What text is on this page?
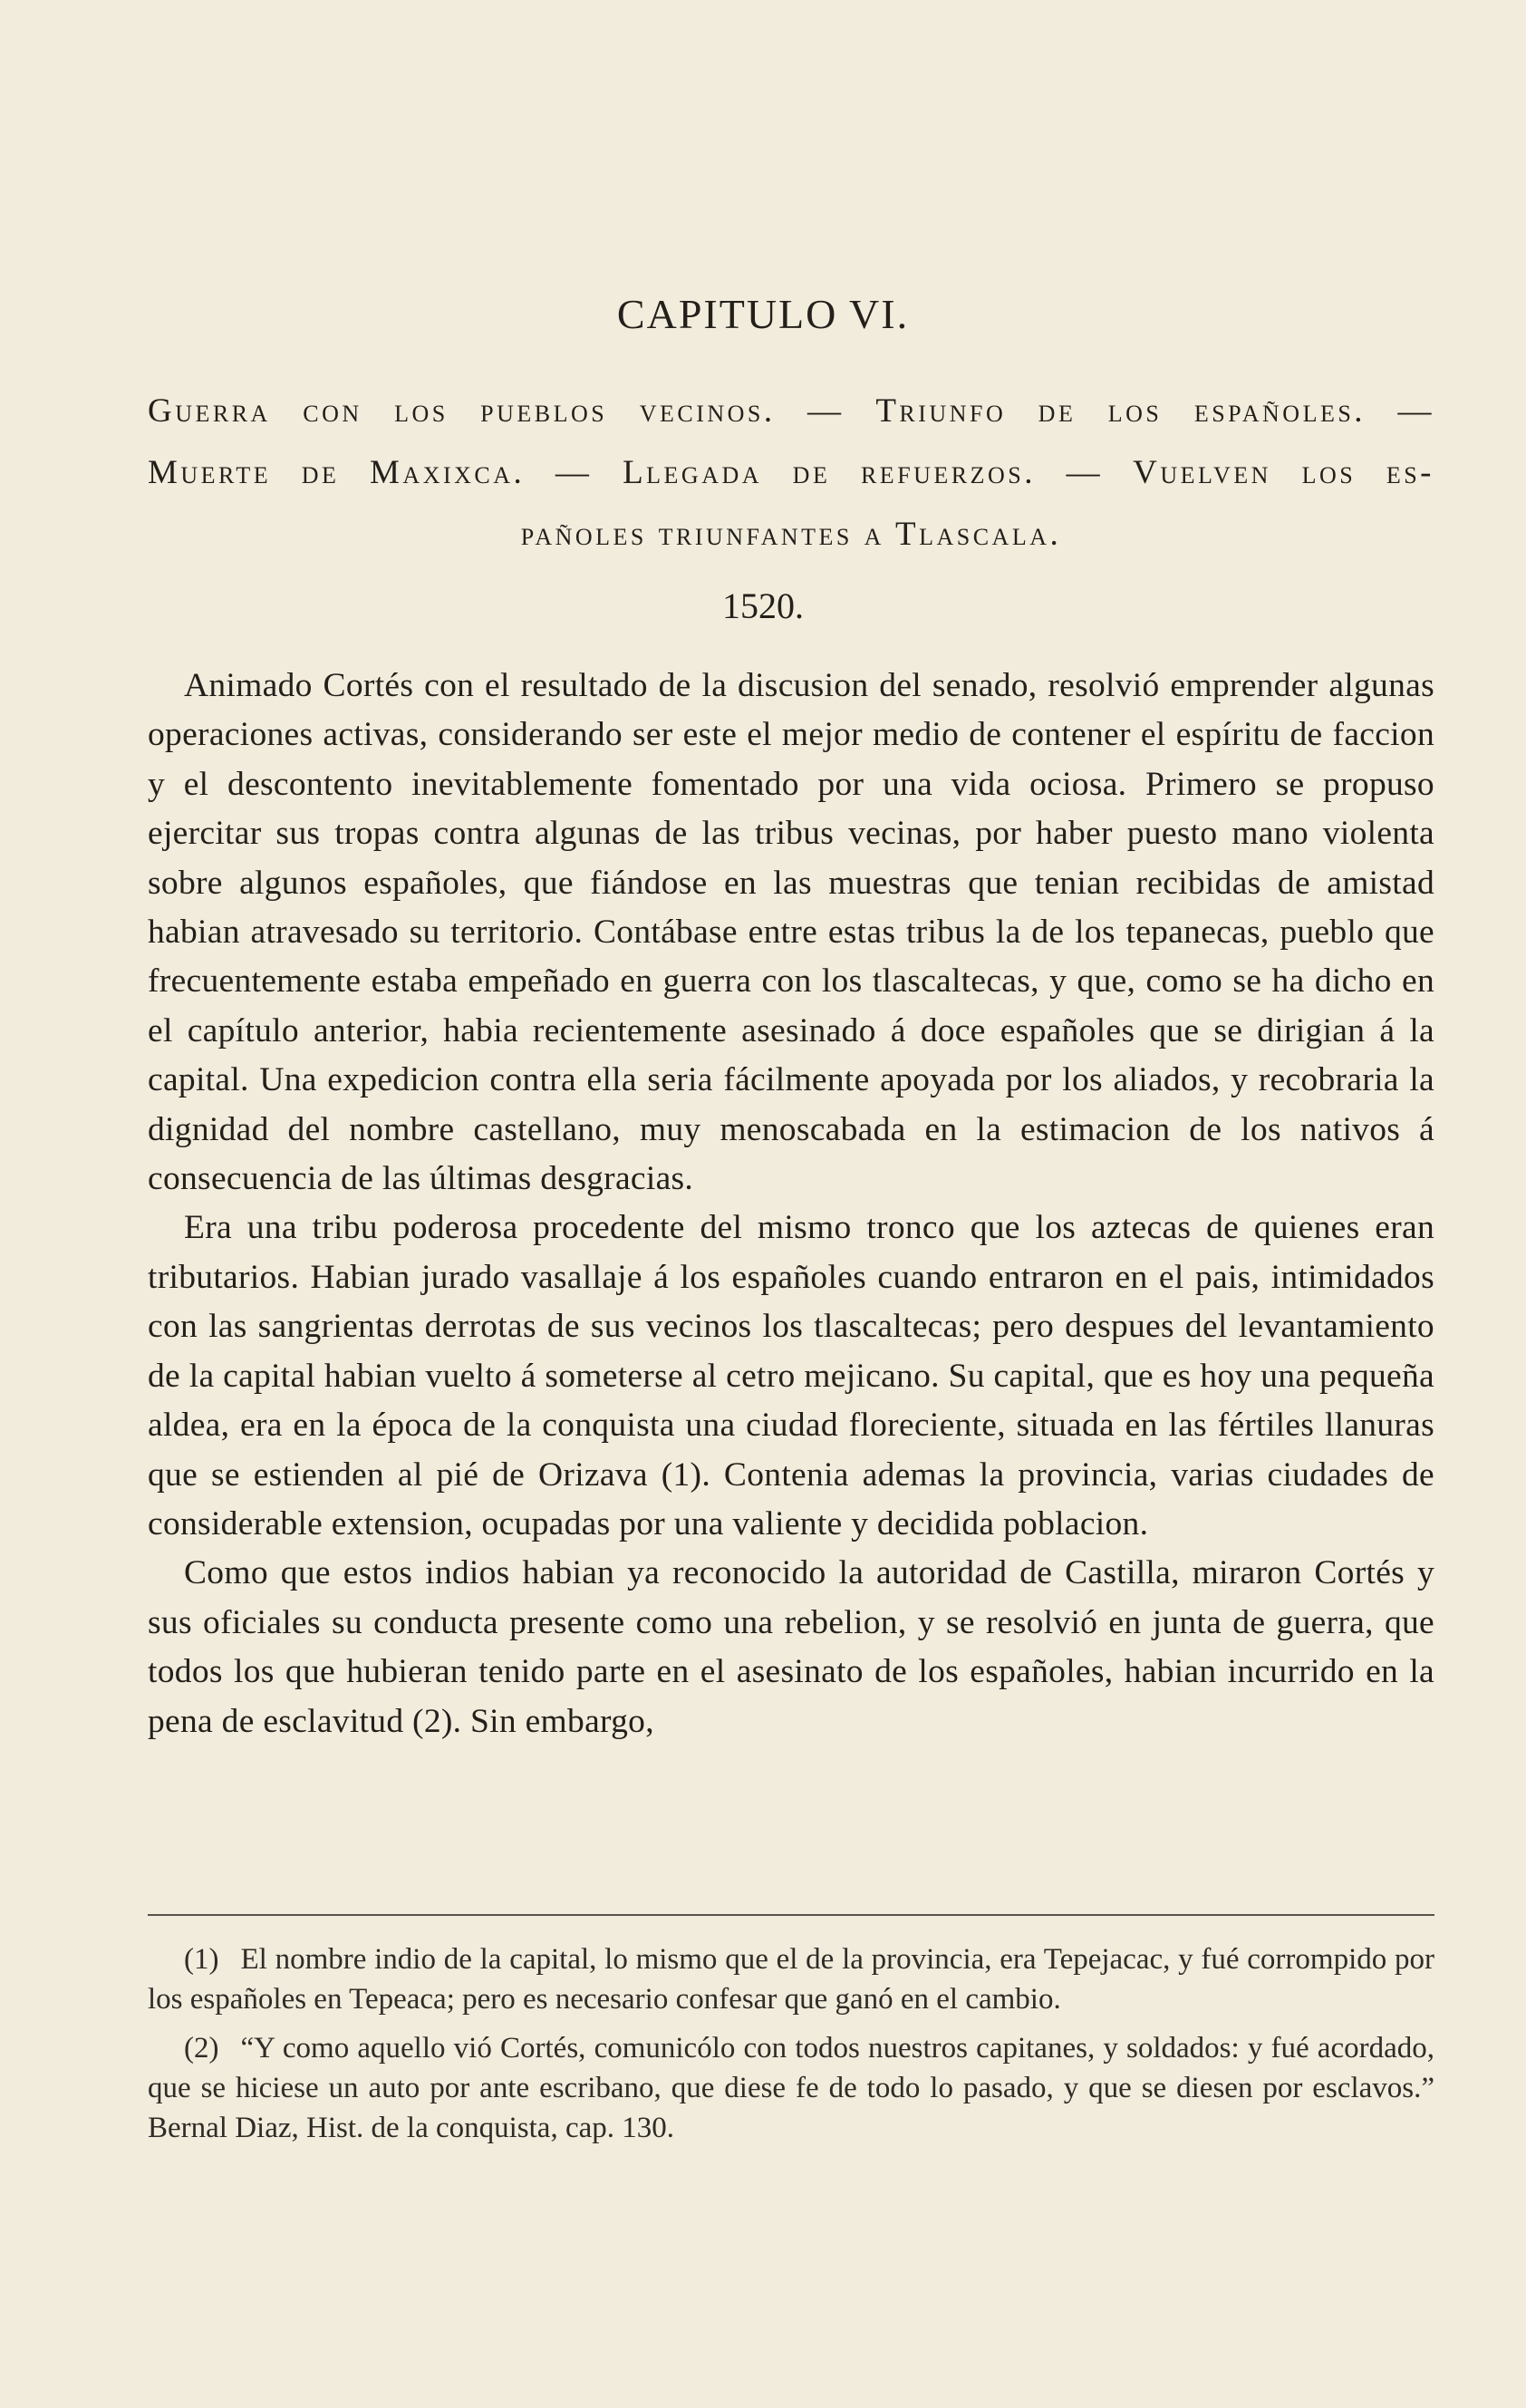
CAPITULO VI.
Guerra con los pueblos vecinos. — Triunfo de los españoles. —
Muerte de Maxixca. — Llegada de refuerzos. — Vuelven los es-
pañoles triunfantes a Tlascala.
1520.

Animado Cortés con el resultado de la discusion del senado, resolvió emprender algunas operaciones activas, considerando ser este el mejor medio de contener el espíritu de faccion y el descontento inevitablemente fomentado por una vida ociosa. Primero se propuso ejercitar sus tropas contra algunas de las tribus vecinas, por haber puesto mano violenta sobre algunos españoles, que fiándose en las muestras que tenian recibidas de amistad habian atravesado su territorio. Contábase entre estas tribus la de los tepanecas, pueblo que frecuentemente estaba empeñado en guerra con los tlascaltecas, y que, como se ha dicho en el capítulo anterior, habia recientemente asesinado á doce españoles que se dirigian á la capital. Una expedicion contra ella seria fácilmente apoyada por los aliados, y recobraria la dignidad del nombre castellano, muy menoscabada en la estimacion de los nativos á consecuencia de las últimas desgracias.

Era una tribu poderosa procedente del mismo tronco que los aztecas de quienes eran tributarios. Habian jurado vasallaje á los españoles cuando entraron en el pais, intimidados con las sangrientas derrotas de sus vecinos los tlascaltecas; pero despues del levantamiento de la capital habian vuelto á someterse al cetro mejicano. Su capital, que es hoy una pequeña aldea, era en la época de la conquista una ciudad floreciente, situada en las fértiles llanuras que se estienden al pié de Orizava (1). Contenia ademas la provincia, varias ciudades de considerable extension, ocupadas por una valiente y decidida poblacion.

Como que estos indios habian ya reconocido la autoridad de Castilla, miraron Cortés y sus oficiales su conducta presente como una rebelion, y se resolvió en junta de guerra, que todos los que hubieran tenido parte en el asesinato de los españoles, habian incurrido en la pena de esclavitud (2). Sin embargo,

(1) El nombre indio de la capital, lo mismo que el de la provincia, era Tepejacac, y fué corrompido por los españoles en Tepeaca; pero es necesario confesar que ganó en el cambio.

(2) “Y como aquello vió Cortés, comunicólo con todos nuestros capitanes, y soldados: y fué acordado, que se hiciese un auto por ante escribano, que diese fe de todo lo pasado, y que se diesen por esclavos.” Bernal Diaz, Hist. de la conquista, cap. 130.
